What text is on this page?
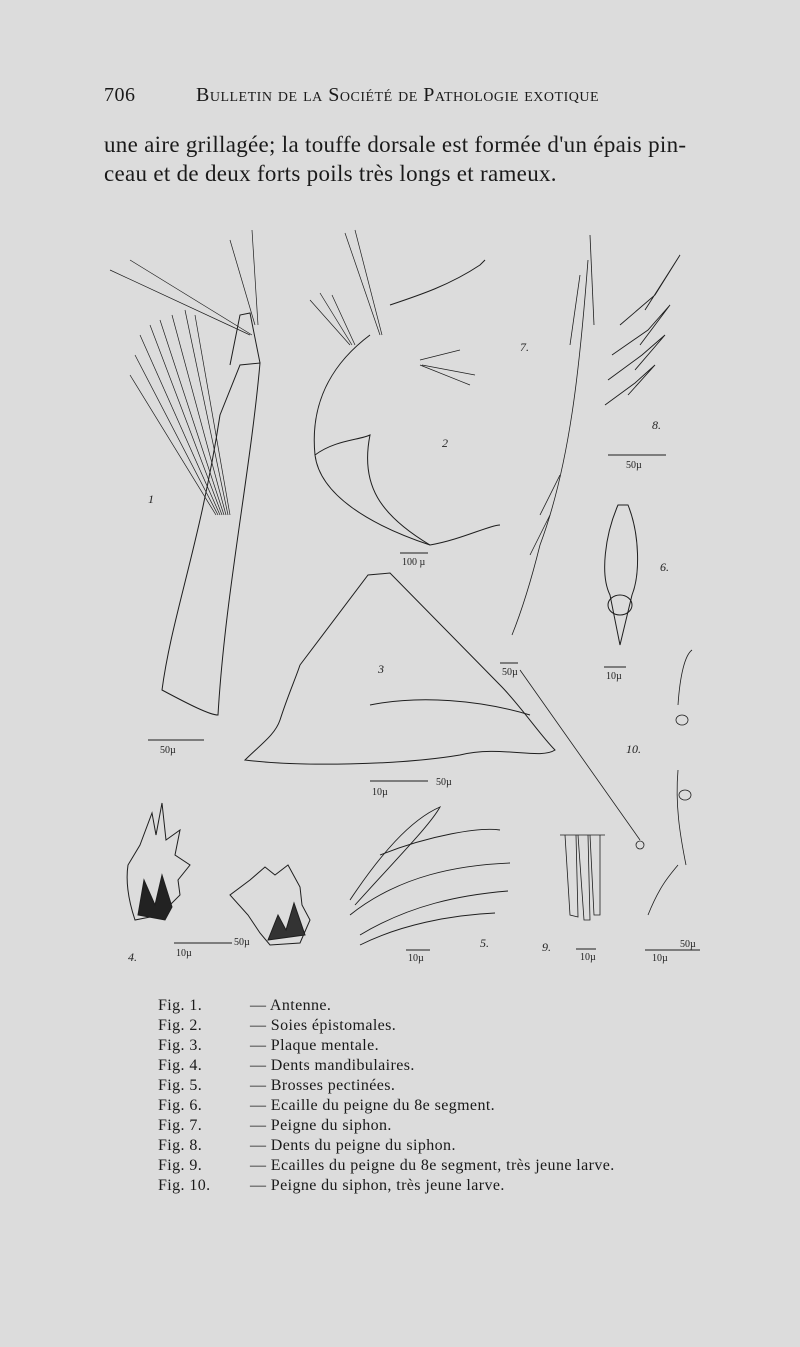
706	Bulletin de la Société de Pathologie exotique
une aire grillagée; la touffe dorsale est formée d'un épais pin-
ceau et de deux forts poils très longs et rameux.
50µ
1
100 µ
2
50µ
10µ
3
50µ
10µ
4.	10µ
5.
10µ
6.
50µ
7.
50µ
8.
10µ
9.
10µ
50µ
10.
Fig. 1.	— Antenne.
Fig. 2.	— Soies épistomales.
Fig. 3.	— Plaque mentale.
Fig. 4.	— Dents mandibulaires.
Fig. 5.	— Brosses pectinées.
Fig. 6.	— Ecaille du peigne du 8e segment.
Fig. 7.	— Peigne du siphon.
Fig. 8.	— Dents du peigne du siphon.
Fig. 9.	— Ecailles du peigne du 8e segment, très jeune larve.
Fig. 10. — Peigne du siphon, très jeune larve.
